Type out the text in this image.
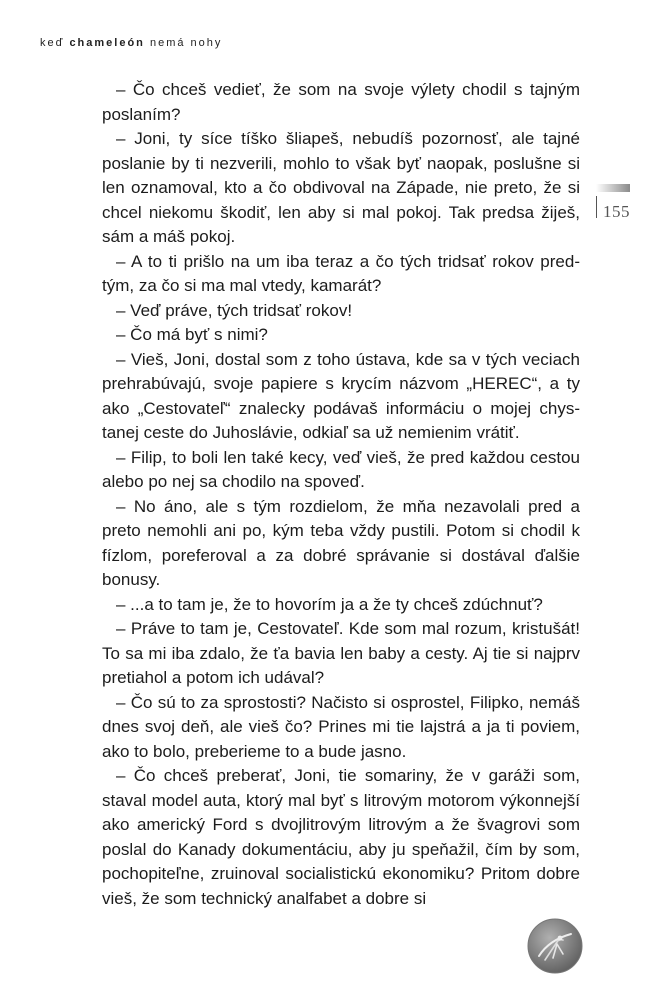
keď chameleón nemá nohy

– Čo chceš vedieť, že som na svoje výlety chodil s tajným poslaním?

– Joni, ty síce tíško šliapeš, nebudíš pozornosť, ale tajné poslanie by ti nezverili, mohlo to však byť naopak, poslušne si len oznamoval, kto a čo obdivoval na Západe, nie preto, že si chcel niekomu škodiť, len aby si mal pokoj. Tak predsa žiješ, sám a máš pokoj.

– A to ti prišlo na um iba teraz a čo tých tridsať rokov predtým, za čo si ma mal vtedy, kamarát?

– Veď práve, tých tridsať rokov!

– Čo má byť s nimi?

– Vieš, Joni, dostal som z toho ústava, kde sa v tých veciach prehrabúvajú, svoje papiere s krycím názvom „HEREC“, a ty ako „Cestovateľ“ znalecky podávaš informáciu o mojej chystanej ceste do Juhoslávie, odkiaľ sa už nemienim vrátiť.

– Filip, to boli len také kecy, veď vieš, že pred každou cestou alebo po nej sa chodilo na spoveď.

– No áno, ale s tým rozdielom, že mňa nezavolali pred a preto nemohli ani po, kým teba vždy pustili. Potom si chodil k fízlom, poreferoval a za dobré správanie si dostával ďalšie bonusy.

– ...a to tam je, že to hovorím ja a že ty chceš zdúchnuť?

– Práve to tam je, Cestovateľ. Kde som mal rozum, kristušát! To sa mi iba zdalo, že ťa bavia len baby a cesty. Aj tie si najprv pretiahol a potom ich udával?

– Čo sú to za sprostosti? Načisto si osprostel, Filipko, nemáš dnes svoj deň, ale vieš čo? Prines mi tie lajstrá a ja ti poviem, ako to bolo, preberieme to a bude jasno.

– Čo chceš preberať, Joni, tie somariny, že v garáži som, staval model auta, ktorý mal byť s litrovým motorom výkonnejší ako americký Ford s dvojlitrovým litrovým a že švagrovi som poslal do Kanady dokumentáciu, aby ju speňažil, čím by som, pochopiteľne, zruinoval socialistickú ekonomiku? Pritom dobre vieš, že som technický analfabet a dobre si

155
